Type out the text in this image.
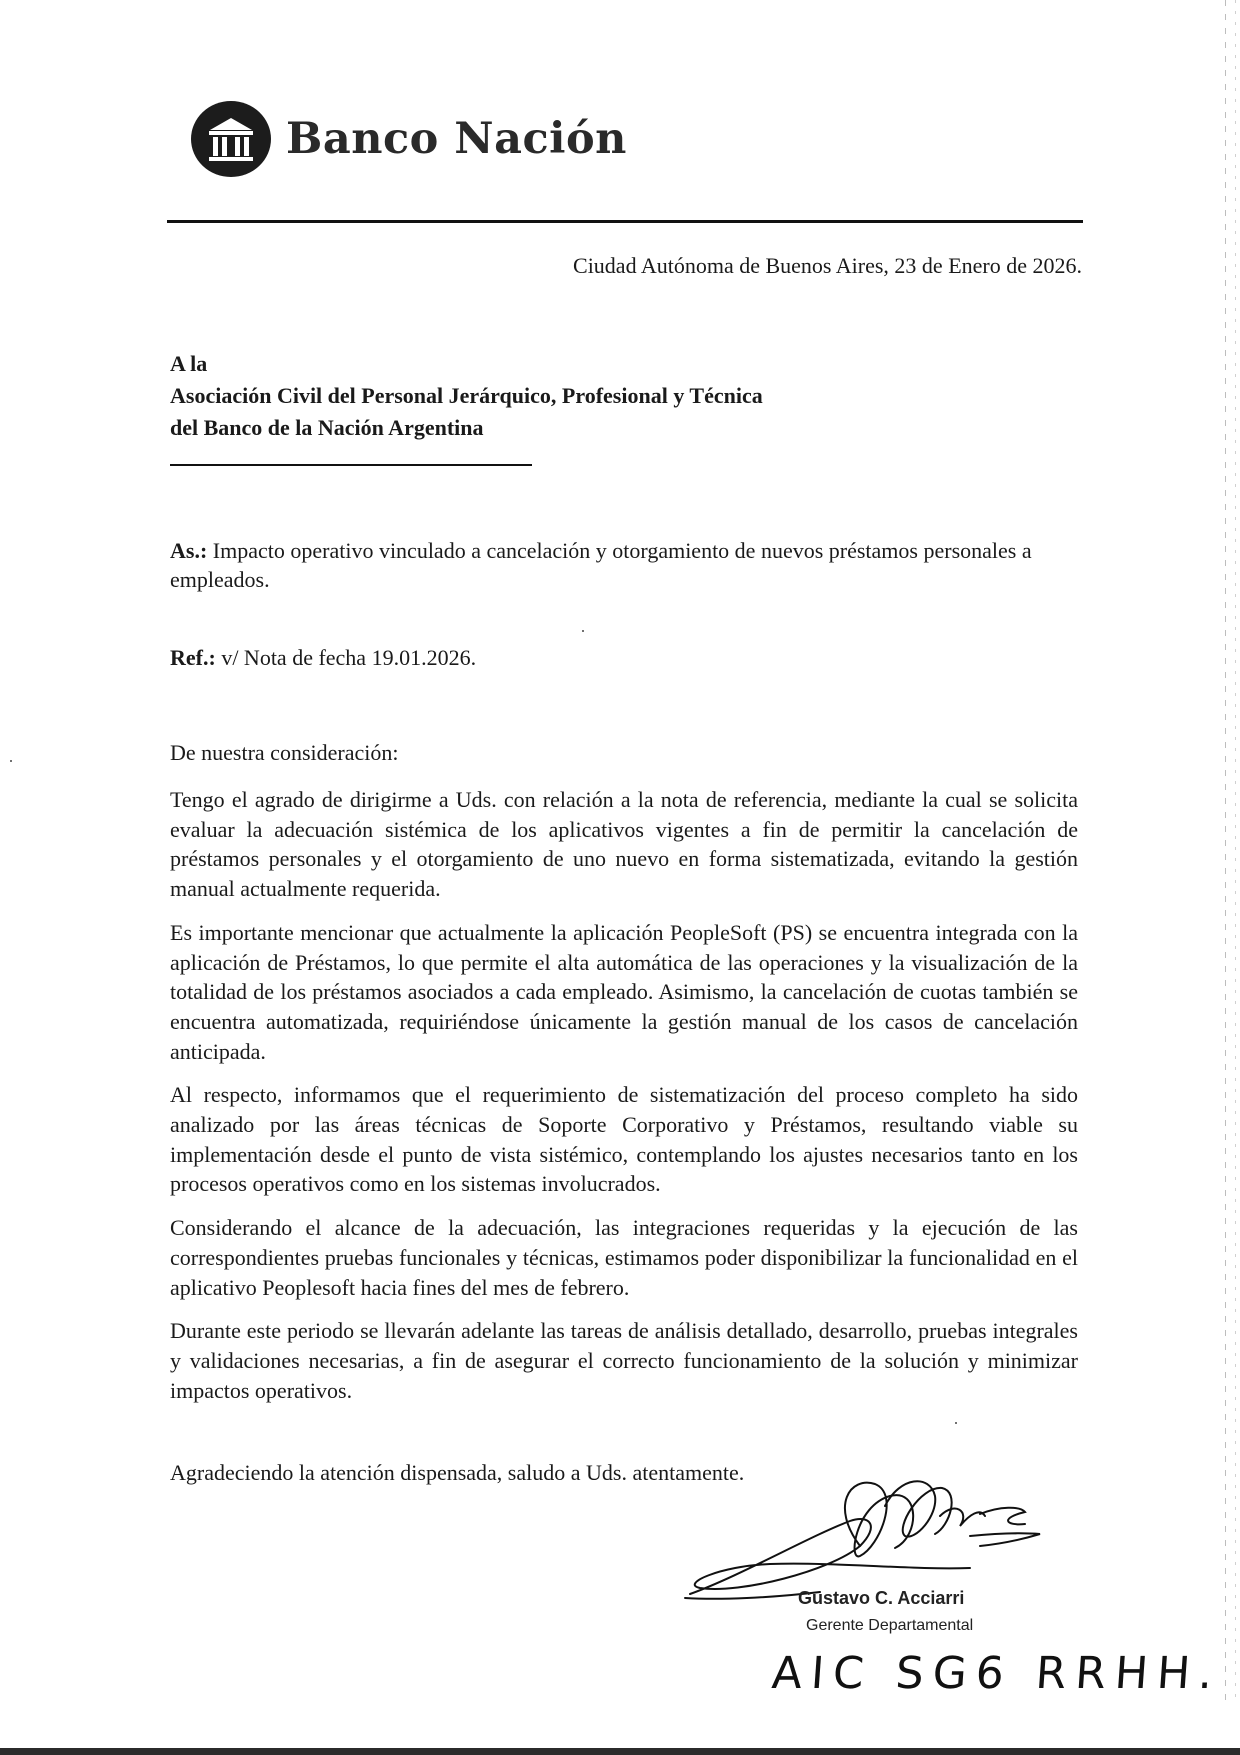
Banco Nación
Ciudad Autónoma de Buenos Aires, 23 de Enero de 2026.
A la
Asociación Civil del Personal Jerárquico, Profesional y Técnica
del Banco de la Nación Argentina
As.: Impacto operativo vinculado a cancelación y otorgamiento de nuevos préstamos personales a empleados.
Ref.: v/ Nota de fecha 19.01.2026.
De nuestra consideración:

Tengo el agrado de dirigirme a Uds. con relación a la nota de referencia, mediante la cual se solicita evaluar la adecuación sistémica de los aplicativos vigentes a fin de permitir la cancelación de préstamos personales y el otorgamiento de uno nuevo en forma sistematizada, evitando la gestión manual actualmente requerida.

Es importante mencionar que actualmente la aplicación PeopleSoft (PS) se encuentra integrada con la aplicación de Préstamos, lo que permite el alta automática de las operaciones y la visualización de la totalidad de los préstamos asociados a cada empleado. Asimismo, la cancelación de cuotas también se encuentra automatizada, requiriéndose únicamente la gestión manual de los casos de cancelación anticipada.

Al respecto, informamos que el requerimiento de sistematización del proceso completo ha sido analizado por las áreas técnicas de Soporte Corporativo y Préstamos, resultando viable su implementación desde el punto de vista sistémico, contemplando los ajustes necesarios tanto en los procesos operativos como en los sistemas involucrados.

Considerando el alcance de la adecuación, las integraciones requeridas y la ejecución de las correspondientes pruebas funcionales y técnicas, estimamos poder disponibilizar la funcionalidad en el aplicativo Peoplesoft hacia fines del mes de febrero.

Durante este periodo se llevarán adelante las tareas de análisis detallado, desarrollo, pruebas integrales y validaciones necesarias, a fin de asegurar el correcto funcionamiento de la solución y minimizar impactos operativos.

Agradeciendo la atención dispensada, saludo a Uds. atentamente.
Gustavo C. Acciarri
Gerente Departamental
AIC SG6 RRHH.
